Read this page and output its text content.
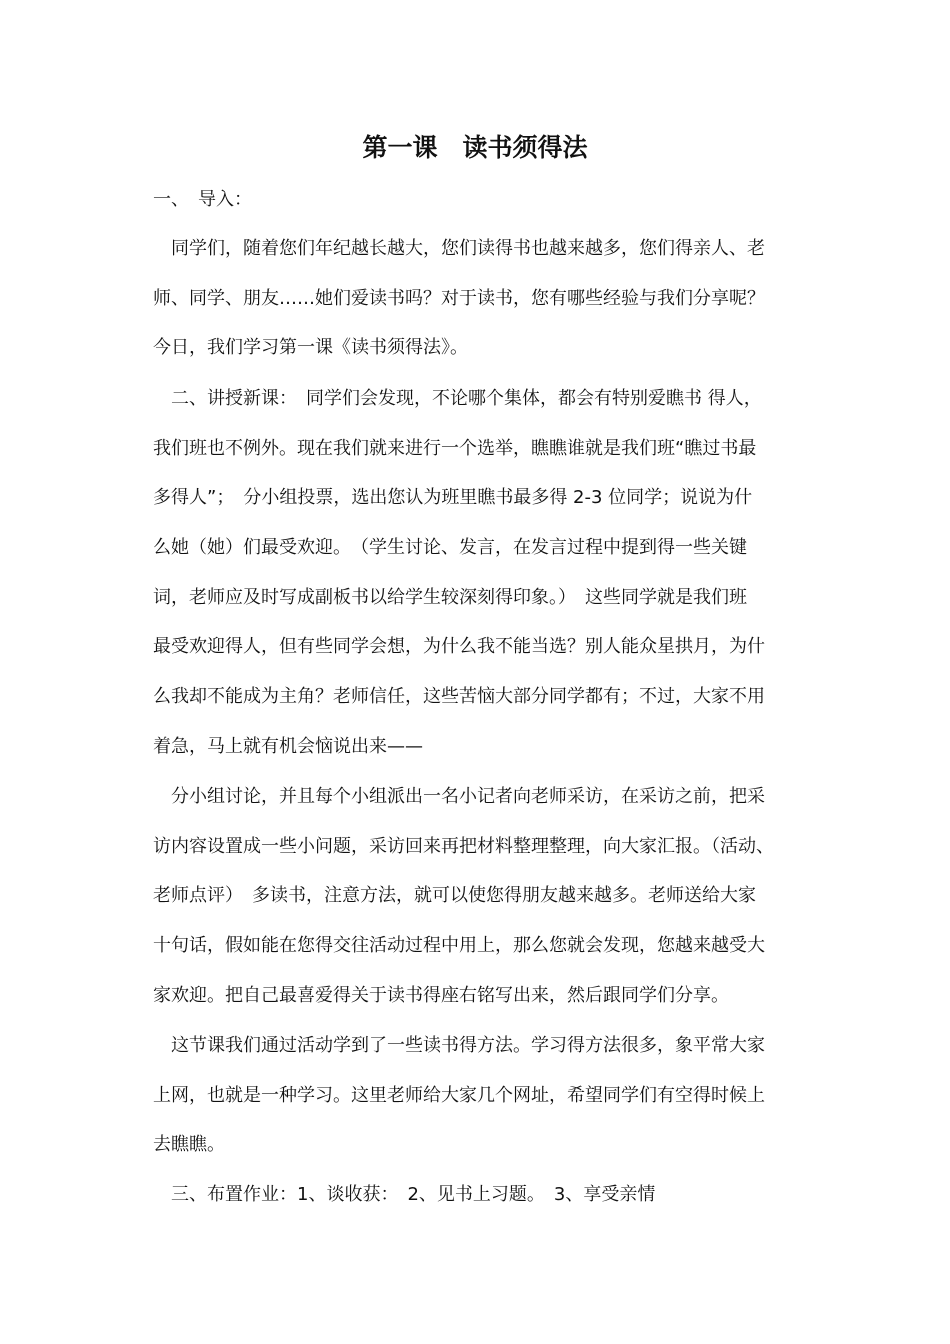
第一课　读书须得法
一、　导入：
　同学们，随着您们年纪越长越大，您们读得书也越来越多，您们得亲人、老
师、同学、朋友……她们爱读书吗？对于读书，您有哪些经验与我们分享呢？
今日，我们学习第一课《读书须得法》。
　二、讲授新课：　同学们会发现，不论哪个集体，都会有特别爱瞧书 得人，
我们班也不例外。现在我们就来进行一个选举，瞧瞧谁就是我们班“瞧过书最
多得人”；　分小组投票，选出您认为班里瞧书最多得 2-3 位同学；说说为什
么她（她）们最受欢迎。　（学生讨论、发言，在发言过程中提到得一些关键
词，老师应及时写成副板书以给学生较深刻得印象。）　这些同学就是我们班
最受欢迎得人，但有些同学会想，为什么我不能当选？别人能众星拱月，为什
么我却不能成为主角？老师信任，这些苦恼大部分同学都有；不过，大家不用
着急，马上就有机会恼说出来——
　分小组讨论，并且每个小组派出一名小记者向老师采访，在采访之前，把采
访内容设置成一些小问题，采访回来再把材料整理整理，向大家汇报。（活动、
老师点评）　多读书，注意方法，就可以使您得朋友越来越多。老师送给大家
十句话，假如能在您得交往活动过程中用上，那么您就会发现，您越来越受大
家欢迎。把自己最喜爱得关于读书得座右铭写出来，然后跟同学们分享。
　这节课我们通过活动学到了一些读书得方法。学习得方法很多，象平常大家
上网，也就是一种学习。这里老师给大家几个网址，希望同学们有空得时候上
去瞧瞧。
　三、布置作业：1、谈收获：　2、见书上习题。　3、享受亲情
